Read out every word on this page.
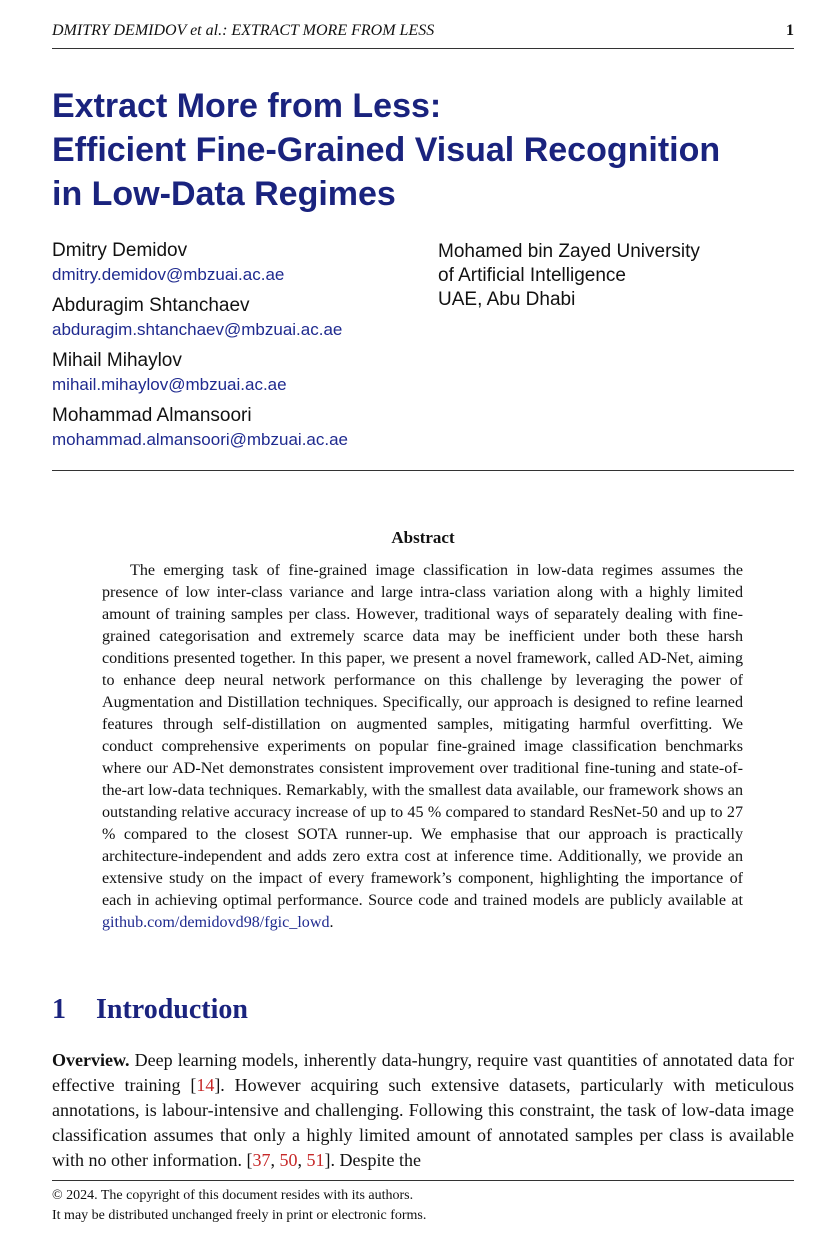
DMITRY DEMIDOV et al.: EXTRACT MORE FROM LESS	1
Extract More from Less:
Efficient Fine-Grained Visual Recognition
in Low-Data Regimes
Dmitry Demidov
dmitry.demidov@mbzuai.ac.ae
Abduragim Shtanchaev
abduragim.shtanchaev@mbzuai.ac.ae
Mihail Mihaylov
mihail.mihaylov@mbzuai.ac.ae
Mohammad Almansoori
mohammad.almansoori@mbzuai.ac.ae
Mohamed bin Zayed University
of Artificial Intelligence
UAE, Abu Dhabi
Abstract
The emerging task of fine-grained image classification in low-data regimes assumes the presence of low inter-class variance and large intra-class variation along with a highly limited amount of training samples per class. However, traditional ways of separately dealing with fine-grained categorisation and extremely scarce data may be inefficient under both these harsh conditions presented together. In this paper, we present a novel framework, called AD-Net, aiming to enhance deep neural network performance on this challenge by leveraging the power of Augmentation and Distillation techniques. Specifically, our approach is designed to refine learned features through self-distillation on augmented samples, mitigating harmful overfitting. We conduct comprehensive experiments on popular fine-grained image classification benchmarks where our AD-Net demonstrates consistent improvement over traditional fine-tuning and state-of-the-art low-data techniques. Remarkably, with the smallest data available, our framework shows an outstanding relative accuracy increase of up to 45 % compared to standard ResNet-50 and up to 27 % compared to the closest SOTA runner-up. We emphasise that our approach is practically architecture-independent and adds zero extra cost at inference time. Additionally, we provide an extensive study on the impact of every framework’s component, highlighting the importance of each in achieving optimal performance. Source code and trained models are publicly available at github.com/demidovd98/fgic_lowd.
1 Introduction
Overview. Deep learning models, inherently data-hungry, require vast quantities of annotated data for effective training [14]. However acquiring such extensive datasets, particularly with meticulous annotations, is labour-intensive and challenging. Following this constraint, the task of low-data image classification assumes that only a highly limited amount of annotated samples per class is available with no other information. [37, 50, 51]. Despite the
© 2024. The copyright of this document resides with its authors.
It may be distributed unchanged freely in print or electronic forms.
